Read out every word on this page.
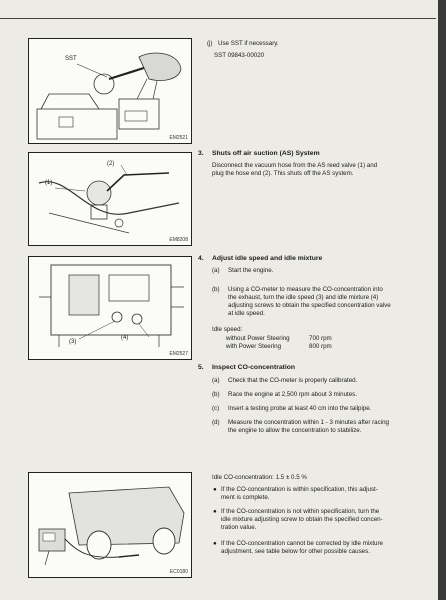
SST
EM2521
(j) Use SST if necessary.
SST 09843-00020
(1)
(2)
EM8208
3. Shuts off air suction (AS) System
Disconnect the vacuum hose from the AS reed valve (1) and
plug the hose end (2). This shuts off the AS system.
(3)
(4)
EM2527
4. Adjust idle speed and idle mixture
(a) Start the engine.
(b) Using a CO-meter to measure the CO-concentration into
the exhaust, turn the idle speed (3) and idle mixture (4)
adjusting screws to obtain the specified concentration valve
at idle speed.
Idle speed:
without Power Steering	700 rpm
with Power Steering	800 rpm
5. Inspect CO-concentration
(a) Check that the CO-meter is properly calibrated.
(b) Race the engine at 2,500 rpm about 3 minutes.
(c) Insert a testing probe at least 40 cm into the tailpipe.
(d) Measure the concentration within 1 - 3 minutes after racing
the engine to allow the concentration to stabilize.
EC0180
Idle CO-concentration: 1.5 ± 0.5 %
● If the CO-concentration is within specification, this adjust-
ment is complete.
● If the CO-concentration is not within specification, turn the
idle mixture adjusting screw to obtain the specified concen-
tration value.
● If the CO-concentration cannot be corrected by idle mixture
adjustment, see table below for other possible causes.
